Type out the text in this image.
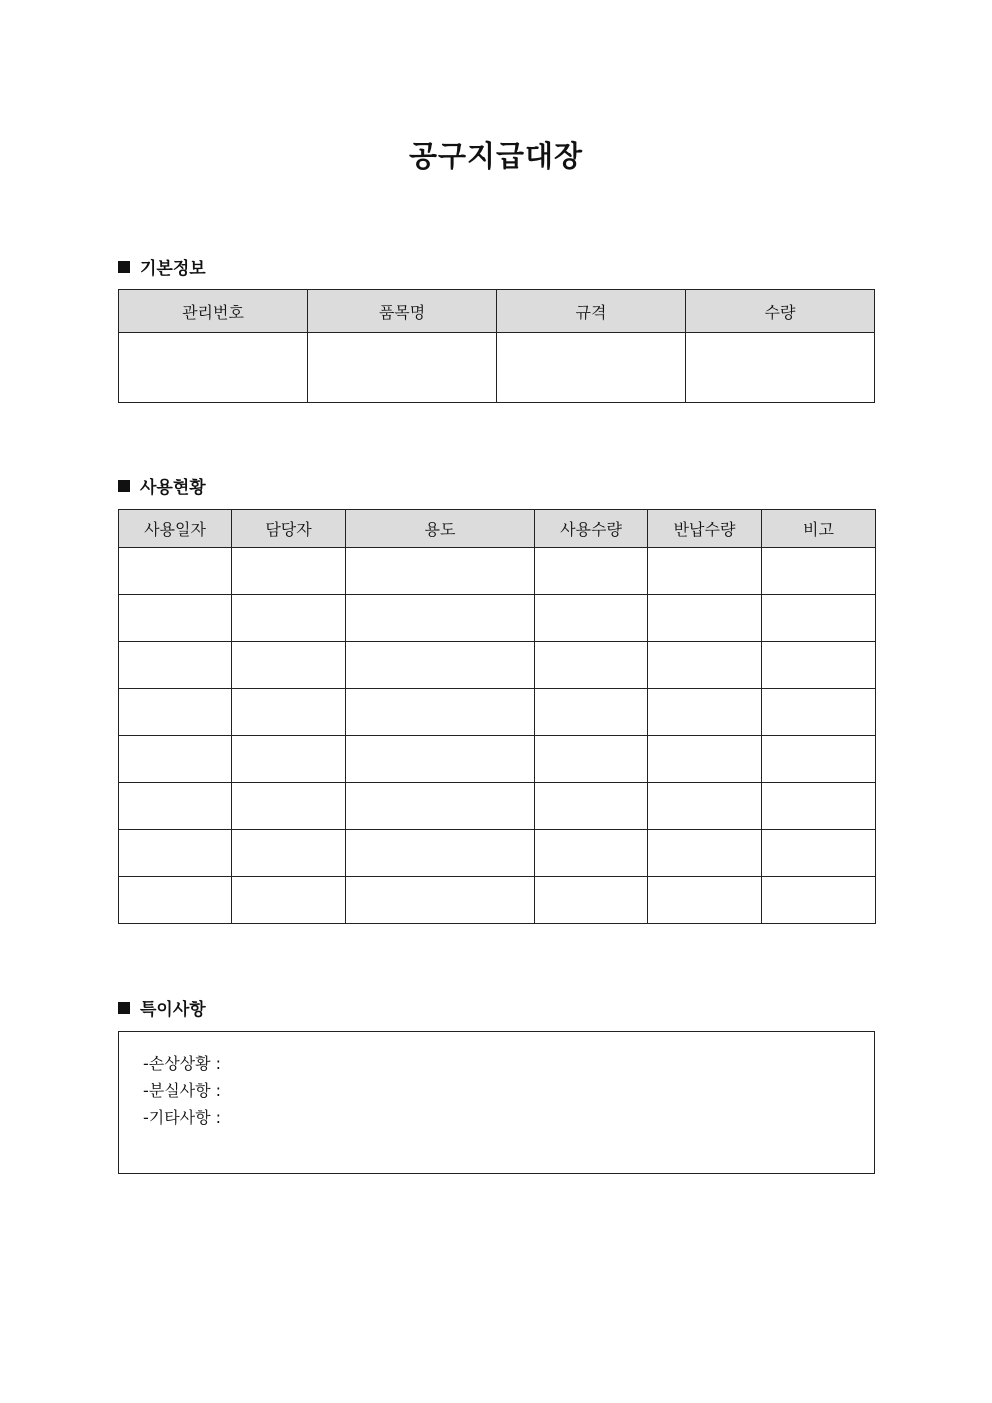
공구지급대장
기본정보
관리번호	품목명	규격	수량

사용현황
사용일자	담당자	용도	사용수량	반납수량	비고

특이사항
-손상상황 :
-분실사항 :
-기타사항 :
